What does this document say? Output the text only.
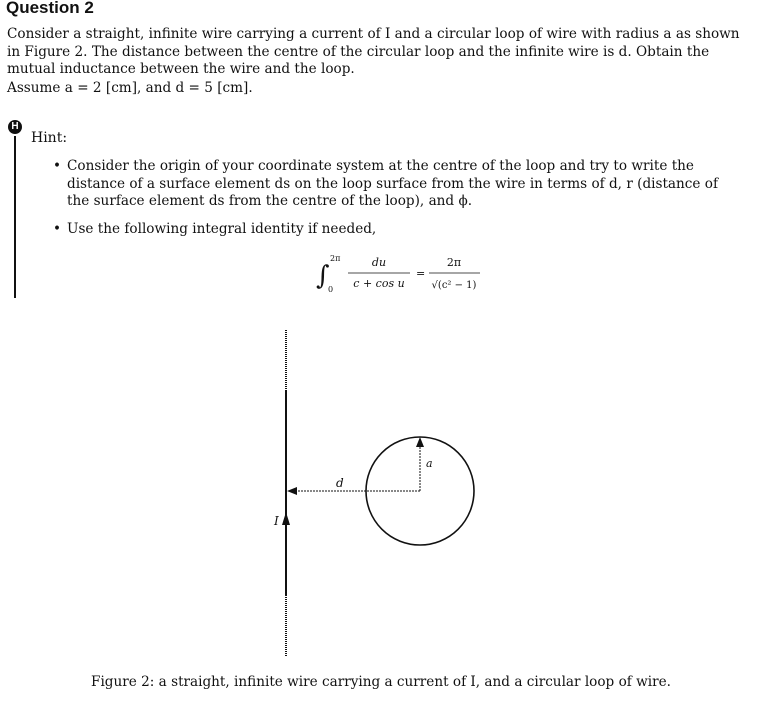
Question 2
Consider a straight, infinite wire carrying a current of I and a circular loop of wire with radius a as shown in Figure 2. The distance between the centre of the circular loop and the infinite wire is d. Obtain the mutual inductance between the wire and the loop.
Assume a = 2 [cm], and d = 5 [cm].
H
Hint:
• Consider the origin of your coordinate system at the centre of the loop and try to write the distance of a surface element ds on the loop surface from the wire in terms of d, r (distance of the surface element ds from the centre of the loop), and ϕ.
• Use the following integral identity if needed,
∫
2π
0
du
c + cos u
=
2π
√(c² − 1)
I
d
a
Figure 2: a straight, infinite wire carrying a current of I, and a circular loop of wire.
